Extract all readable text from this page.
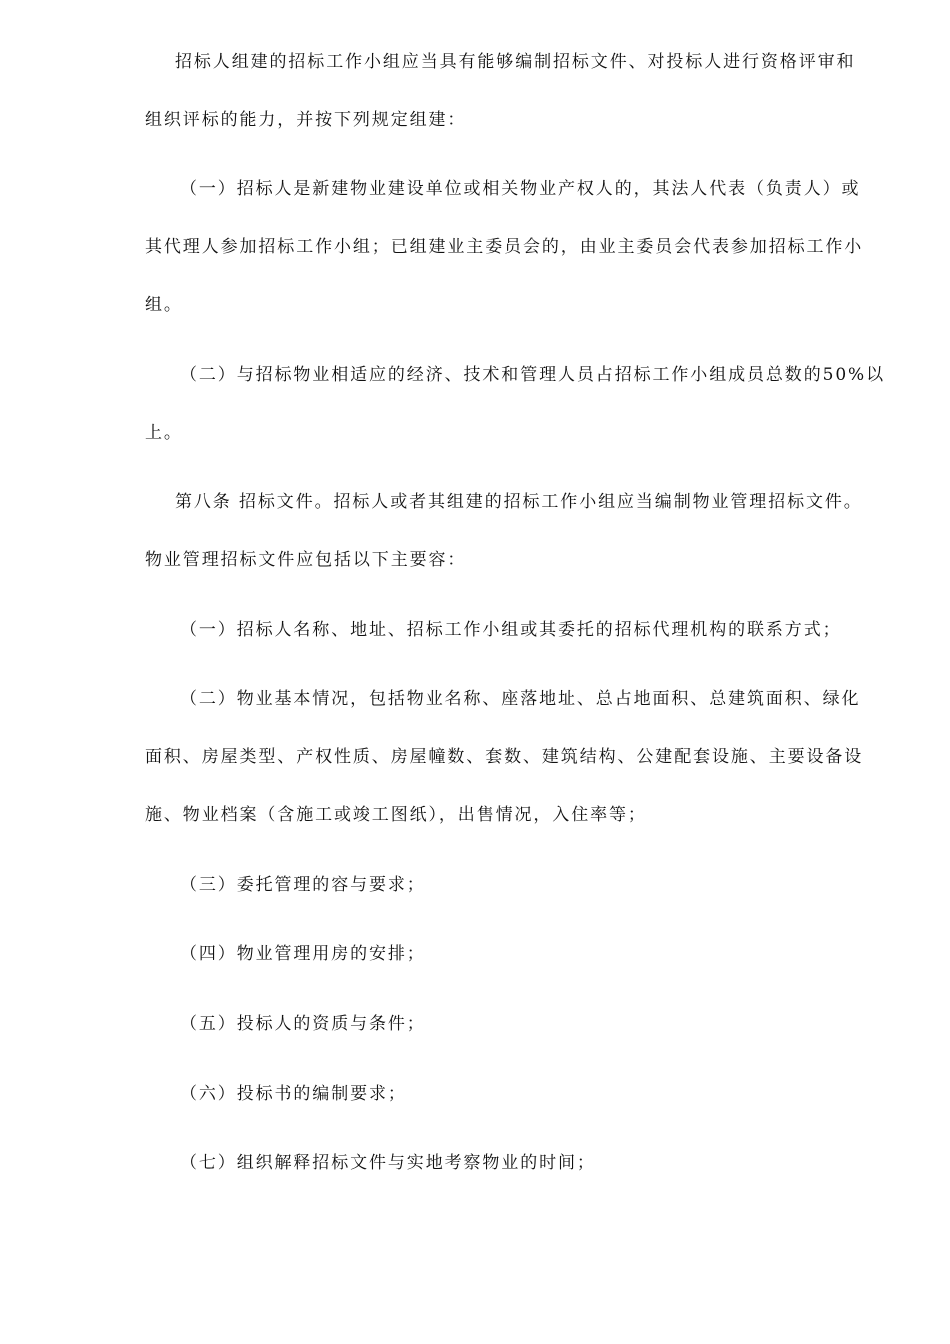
招标人组建的招标工作小组应当具有能够编制招标文件、对投标人进行资格评审和
组织评标的能力，并按下列规定组建：
（一）招标人是新建物业建设单位或相关物业产权人的，其法人代表（负责人）或
其代理人参加招标工作小组；已组建业主委员会的，由业主委员会代表参加招标工作小
组。
（二）与招标物业相适应的经济、技术和管理人员占招标工作小组成员总数的50%以
上。
第八条 招标文件。招标人或者其组建的招标工作小组应当编制物业管理招标文件。
物业管理招标文件应包括以下主要容：
（一）招标人名称、地址、招标工作小组或其委托的招标代理机构的联系方式；
（二）物业基本情况，包括物业名称、座落地址、总占地面积、总建筑面积、绿化
面积、房屋类型、产权性质、房屋幢数、套数、建筑结构、公建配套设施、主要设备设
施、物业档案（含施工或竣工图纸），出售情况，入住率等；
（三）委托管理的容与要求；
（四）物业管理用房的安排；
（五）投标人的资质与条件；
（六）投标书的编制要求；
（七）组织解释招标文件与实地考察物业的时间；
